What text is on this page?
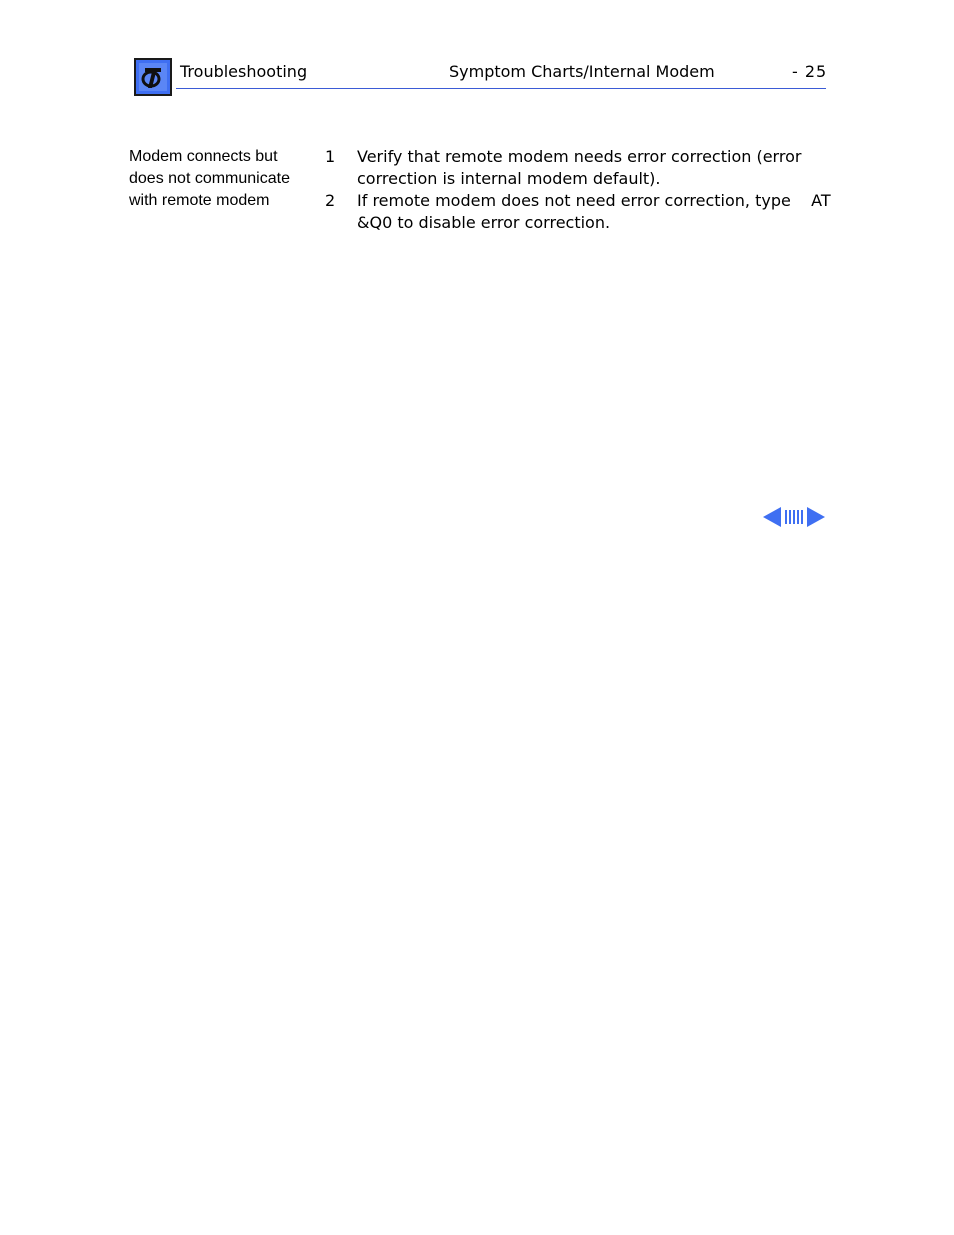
Troubleshooting	Symptom Charts/Internal Modem	- 25
Modem connects but
does not communicate
with remote modem
1 Verify that remote modem needs error correction (error
correction is internal modem default).
2 If remote modem does not need error correction, type    AT
&Q0 to disable error correction.
